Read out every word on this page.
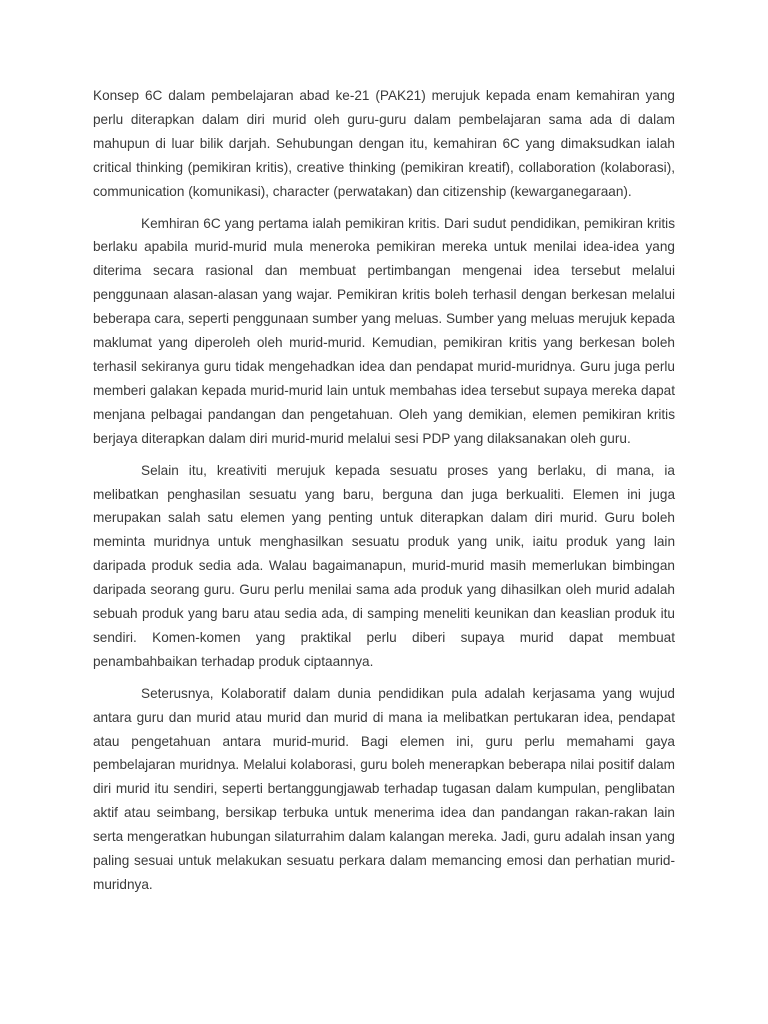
Konsep 6C dalam pembelajaran abad ke-21 (PAK21) merujuk kepada enam kemahiran yang perlu diterapkan dalam diri murid oleh guru-guru dalam pembelajaran sama ada di dalam mahupun di luar bilik darjah. Sehubungan dengan itu, kemahiran 6C yang dimaksudkan ialah critical thinking (pemikiran kritis), creative thinking (pemikiran kreatif), collaboration (kolaborasi), communication (komunikasi), character (perwatakan) dan citizenship (kewarganegaraan).

Kemhiran 6C yang pertama ialah pemikiran kritis. Dari sudut pendidikan, pemikiran kritis berlaku apabila murid-murid mula meneroka pemikiran mereka untuk menilai idea-idea yang diterima secara rasional dan membuat pertimbangan mengenai idea tersebut melalui penggunaan alasan-alasan yang wajar. Pemikiran kritis boleh terhasil dengan berkesan melalui beberapa cara, seperti penggunaan sumber yang meluas. Sumber yang meluas merujuk kepada maklumat yang diperoleh oleh murid-murid. Kemudian, pemikiran kritis yang berkesan boleh terhasil sekiranya guru tidak mengehadkan idea dan pendapat murid-muridnya. Guru juga perlu memberi galakan kepada murid-murid lain untuk membahas idea tersebut supaya mereka dapat menjana pelbagai pandangan dan pengetahuan. Oleh yang demikian, elemen pemikiran kritis berjaya diterapkan dalam diri murid-murid melalui sesi PDP yang dilaksanakan oleh guru.

Selain itu, kreativiti merujuk kepada sesuatu proses yang berlaku, di mana, ia melibatkan penghasilan sesuatu yang baru, berguna dan juga berkualiti. Elemen ini juga merupakan salah satu elemen yang penting untuk diterapkan dalam diri murid. Guru boleh meminta muridnya untuk menghasilkan sesuatu produk yang unik, iaitu produk yang lain daripada produk sedia ada. Walau bagaimanapun, murid-murid masih memerlukan bimbingan daripada seorang guru. Guru perlu menilai sama ada produk yang dihasilkan oleh murid adalah sebuah produk yang baru atau sedia ada, di samping meneliti keunikan dan keaslian produk itu sendiri. Komen-komen yang praktikal perlu diberi supaya murid dapat membuat penambahbaikan terhadap produk ciptaannya.

Seterusnya, Kolaboratif dalam dunia pendidikan pula adalah kerjasama yang wujud antara guru dan murid atau murid dan murid di mana ia melibatkan pertukaran idea, pendapat atau pengetahuan antara murid-murid. Bagi elemen ini, guru perlu memahami gaya pembelajaran muridnya. Melalui kolaborasi, guru boleh menerapkan beberapa nilai positif dalam diri murid itu sendiri, seperti bertanggungjawab terhadap tugasan dalam kumpulan, penglibatan aktif atau seimbang, bersikap terbuka untuk menerima idea dan pandangan rakan-rakan lain serta mengeratkan hubungan silaturrahim dalam kalangan mereka. Jadi, guru adalah insan yang paling sesuai untuk melakukan sesuatu perkara dalam memancing emosi dan perhatian murid-muridnya.
